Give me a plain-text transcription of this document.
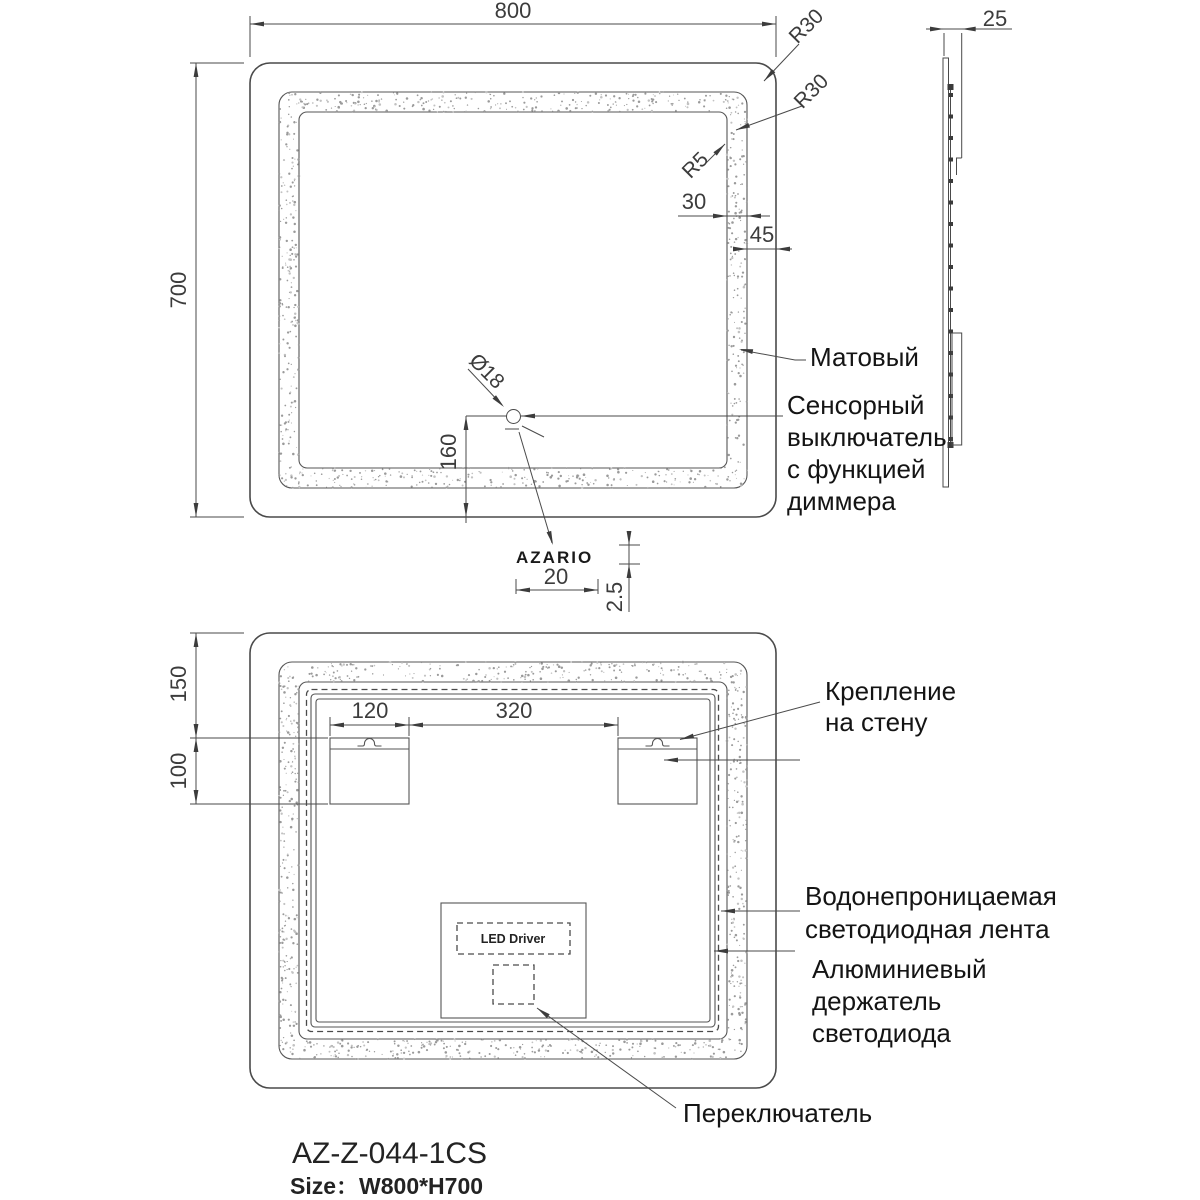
LED Driver
800
700
R30
R30
R5
30
45
Ø18
160
20
2.5
25
Матовый
Сенсорный
выключатель
с функцией
диммера
AZARIO
150
100
120	320
Крепление
на стену
Водонепроницаемая
светодиодная лента
Алюминиевый
держатель
светодиода
Переключатель
AZ-Z-044-1CS
Size：W800*H700
